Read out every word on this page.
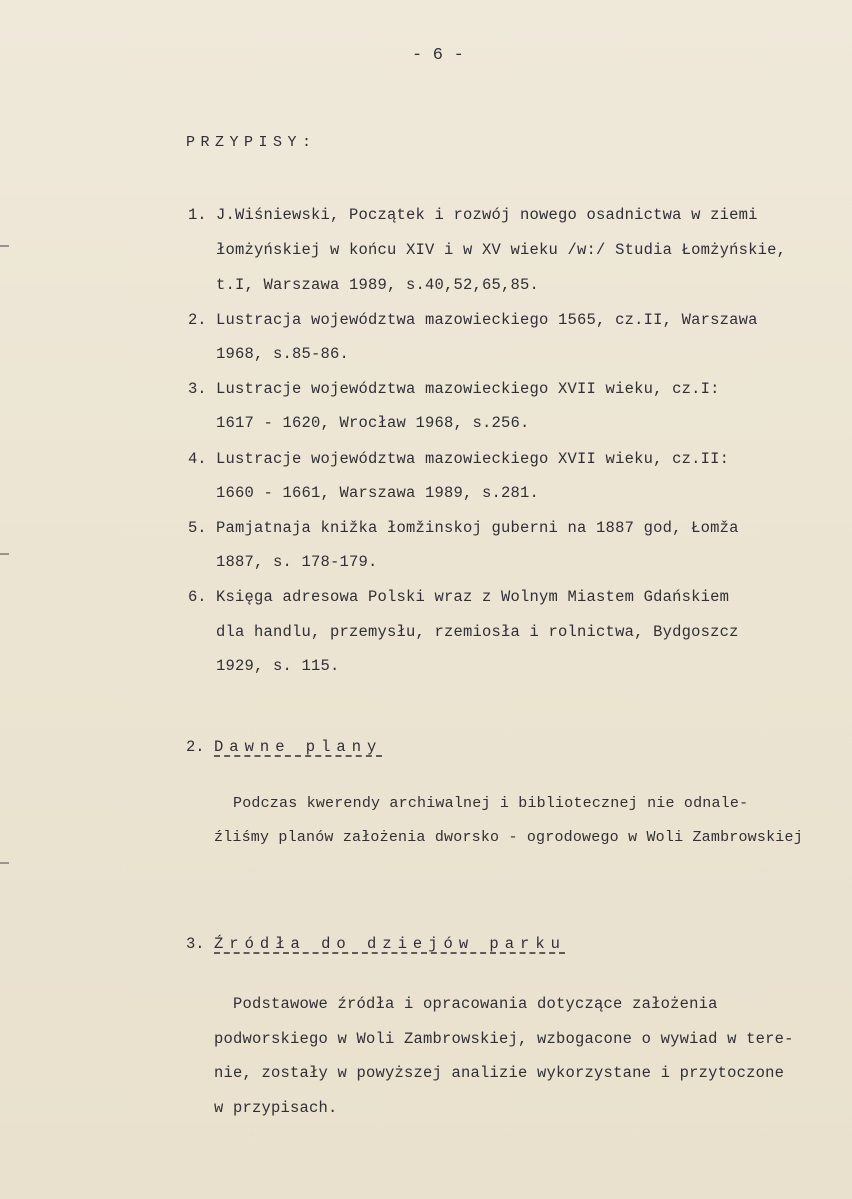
- 6 -
PRZYPISY:
1. J.Wiśniewski, Początek i rozwój nowego osadnictwa w ziemi
łomżyńskiej w końcu XIV i w XV wieku /w:/ Studia Łomżyńskie,
t.I, Warszawa 1989, s.40,52,65,85.
2. Lustracja województwa mazowieckiego 1565, cz.II, Warszawa
1968, s.85-86.
3. Lustracje województwa mazowieckiego XVII wieku, cz.I:
1617 - 1620, Wrocław 1968, s.256.
4. Lustracje województwa mazowieckiego XVII wieku, cz.II:
1660 - 1661, Warszawa 1989, s.281.
5. Pamjatnaja knižka łomžinskoj guberni na 1887 god, Łomža
1887, s. 178-179.
6. Księga adresowa Polski wraz z Wolnym Miastem Gdańskiem
dla handlu, przemysłu, rzemiosła i rolnictwa, Bydgoszcz
1929, s. 115.
2. Dawne plany
Podczas kwerendy archiwalnej i bibliotecznej nie odnale-
źliśmy planów założenia dworsko - ogrodowego w Woli Zambrowskiej
3. Źródła do dziejów parku
Podstawowe źródła i opracowania dotyczące założenia
podworskiego w Woli Zambrowskiej, wzbogacone o wywiad w tere-
nie, zostały w powyższej analizie wykorzystane i przytoczone
w przypisach.
